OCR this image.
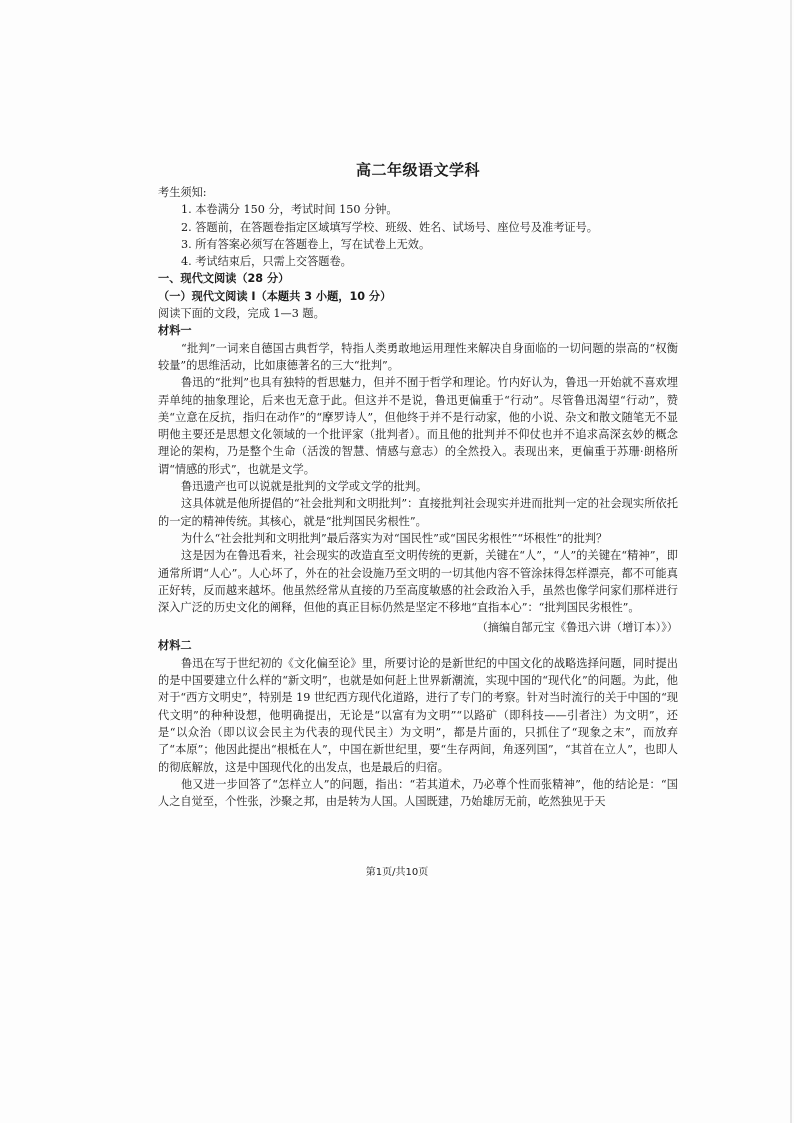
高二年级语文学科

考生须知:

1. 本卷满分 150 分，考试时间 150 分钟。

2. 答题前，在答题卷指定区域填写学校、班级、姓名、试场号、座位号及准考证号。

3. 所有答案必须写在答题卷上，写在试卷上无效。

4. 考试结束后，只需上交答题卷。

一、现代文阅读（28 分）

（一）现代文阅读 I（本题共 3 小题，10 分）

阅读下面的文段，完成 1—3 题。

材料一

“批判”一词来自德国古典哲学，特指人类勇敢地运用理性来解决自身面临的一切问题的崇高的“权衡较量”的思维活动，比如康德著名的三大“批判”。

鲁迅的“批判”也具有独特的哲思魅力，但并不囿于哲学和理论。竹内好认为，鲁迅一开始就不喜欢埋弄单纯的抽象理论，后来也无意于此。但这并不是说，鲁迅更偏重于“行动”。尽管鲁迅渴望“行动”，赞美“立意在反抗，指归在动作”的“摩罗诗人”，但他终于并不是行动家，他的小说、杂文和散文随笔无不显明他主要还是思想文化领域的一个批评家（批判者）。而且他的批判并不仰仗也并不追求高深玄妙的概念理论的架构，乃是整个生命（活泼的智慧、情感与意志）的全然投入。表现出来，更偏重于苏珊·朗格所谓“情感的形式”，也就是文学。

鲁迅遗产也可以说就是批判的文学或文学的批判。

这具体就是他所提倡的“社会批判和文明批判”：直接批判社会现实并进而批判一定的社会现实所依托的一定的精神传统。其核心，就是“批判国民劣根性”。

为什么“社会批判和文明批判”最后落实为对“国民性”或“国民劣根性”“坏根性”的批判？

这是因为在鲁迅看来，社会现实的改造直至文明传统的更新，关键在“人”，“人”的关键在“精神”，即通常所谓“人心”。人心坏了，外在的社会设施乃至文明的一切其他内容不管涂抹得怎样漂亮，都不可能真正好转，反而越来越坏。他虽然经常从直接的乃至高度敏感的社会政治入手，虽然也像学问家们那样进行深入广泛的历史文化的阐释，但他的真正目标仍然是坚定不移地“直指本心”：“批判国民劣根性”。

（摘编自郜元宝《鲁迅六讲（增订本）》）

材料二

鲁迅在写于世纪初的《文化偏至论》里，所要讨论的是新世纪的中国文化的战略选择问题，同时提出的是中国要建立什么样的“新文明”，也就是如何赶上世界新潮流，实现中国的“现代化”的问题。为此，他对于“西方文明史”，特别是 19 世纪西方现代化道路，进行了专门的考察。针对当时流行的关于中国的“现代文明”的种种设想，他明确提出，无论是“以富有为文明”“以路矿（即科技——引者注）为文明”，还是“以众治（即以议会民主为代表的现代民主）为文明”，都是片面的，只抓住了“现象之末”，而放弃了“本原”；他因此提出“根柢在人”，中国在新世纪里，要“生存两间，角逐列国”，“其首在立人”，也即人的彻底解放，这是中国现代化的出发点，也是最后的归宿。

他又进一步回答了“怎样立人”的问题，指出：“若其道术，乃必尊个性而张精神”，他的结论是：“国人之自觉至，个性张，沙聚之邦，由是转为人国。人国既建，乃始雄厉无前，屹然独见于天

第1页/共10页
